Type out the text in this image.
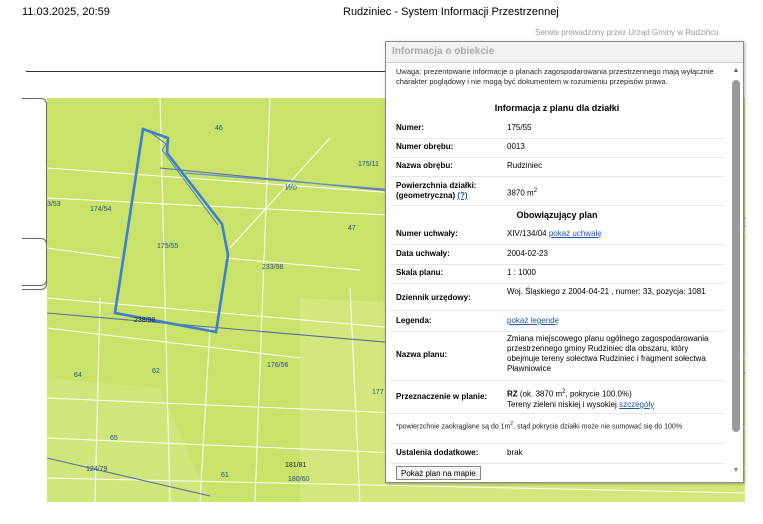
11.03.2025, 20:59	Rudziniec - System Informacji Przestrzennej
Serwis prowadzony przez Urząd Gminy w Rudzińcu
46
175/11
3/53
174/54
175/55
47
233/98
238/98
64
62
176/56
177
65
124/79
181/81
61
180/60
Wo
Informacja o obiekcie
Uwaga: prezentowane informacje o planach zagospodarowania przestrzennego mają wyłącznie charakter poglądowy i nie mogą być dokumentem w rozumieniu przepisów prawa.
Informacja z planu dla działki
Numer:	175/55
Numer obrębu:	0013
Nazwa obrębu:	Rudziniec
Powierzchnia działki:
(geometryczna) (?)	3870 $m^2$
Obowiązujący plan
Numer uchwały:	XIV/134/04 pokaż uchwałę
Data uchwały:	2004-02-23
Skala planu:	1 : 1000
Dziennik urzędowy:
Woj. Śląskiego z 2004-04-21 , numer: 33, pozycja: 1081
Legenda:	pokaż legendę
Nazwa planu:
Zmiana miejscowego planu ogólnego zagospodarowania przestrzennego gminy Rudziniec dla obszaru, który obejmuje tereny sołectwa Rudziniec i fragment sołectwa Pławniowice
Przeznaczenie w planie: RZ (ok. 3870 $m^2$, pokrycie 100.0%)
Tereny zieleni niskiej i wysokiej szczegóły
*powierzchnie zaokrąglane są do $1m^2$, stąd pokrycie działki może nie sumować się do 100%
Ustalenia dodatkowe:	brak
Pokaż plan na mapie
▲
▼
